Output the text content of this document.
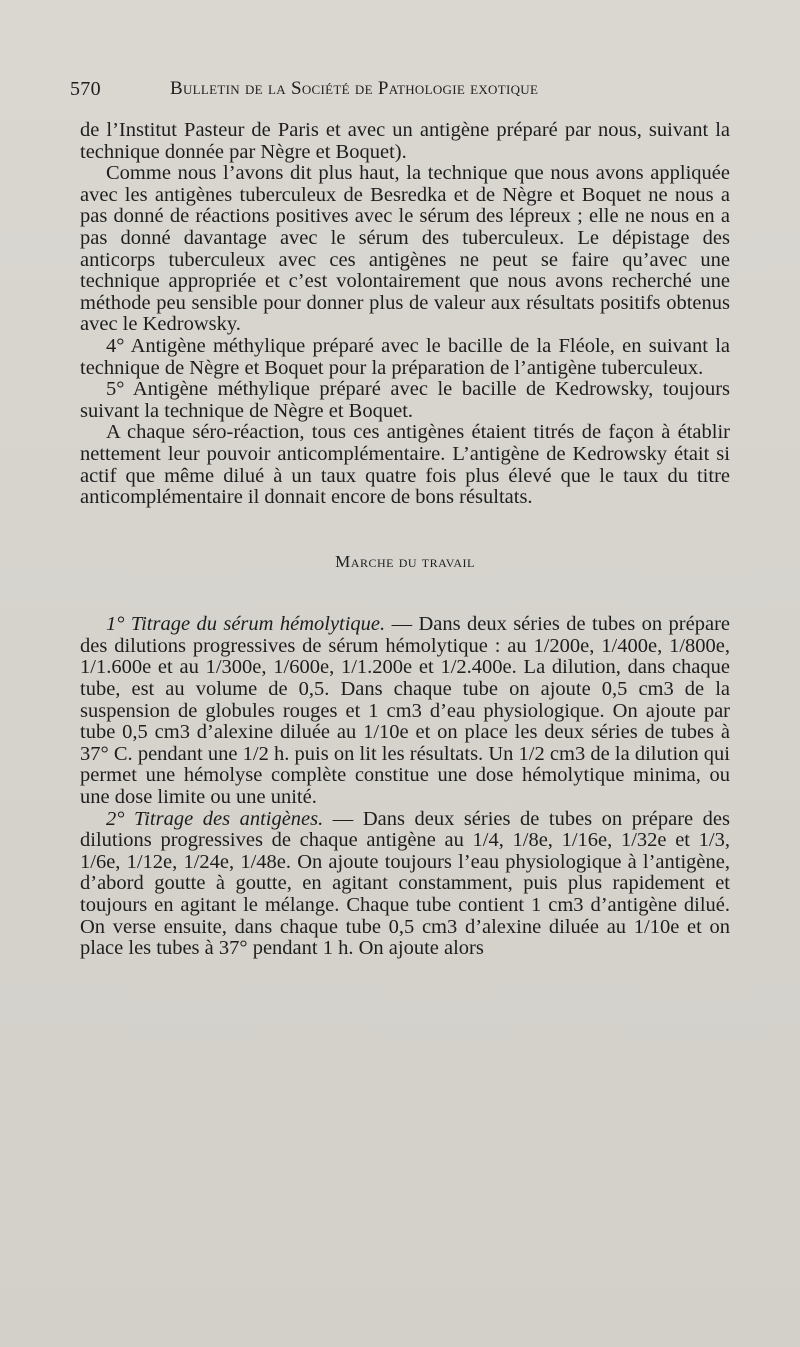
570	Bulletin de la Société de Pathologie exotique

de l’Institut Pasteur de Paris et avec un antigène préparé par nous, suivant la technique donnée par Nègre et Boquet).

Comme nous l’avons dit plus haut, la technique que nous avons appliquée avec les antigènes tuberculeux de Besredka et de Nègre et Boquet ne nous a pas donné de réactions positives avec le sérum des lépreux ; elle ne nous en a pas donné davantage avec le sérum des tuberculeux. Le dépistage des anticorps tuberculeux avec ces antigènes ne peut se faire qu’avec une technique appropriée et c’est volontairement que nous avons recherché une méthode peu sensible pour donner plus de valeur aux résultats positifs obtenus avec le Kedrowsky.

4° Antigène méthylique préparé avec le bacille de la Fléole, en suivant la technique de Nègre et Boquet pour la préparation de l’antigène tuberculeux.

5° Antigène méthylique préparé avec le bacille de Kedrowsky, toujours suivant la technique de Nègre et Boquet.

A chaque séro-réaction, tous ces antigènes étaient titrés de façon à établir nettement leur pouvoir anticomplémentaire. L’antigène de Kedrowsky était si actif que même dilué à un taux quatre fois plus élevé que le taux du titre anticomplémentaire il donnait encore de bons résultats.

Marche du travail

1° Titrage du sérum hémolytique. — Dans deux séries de tubes on prépare des dilutions progressives de sérum hémolytique : au 1/200e, 1/400e, 1/800e, 1/1.600e et au 1/300e, 1/600e, 1/1.200e et 1/2.400e. La dilution, dans chaque tube, est au volume de 0,5. Dans chaque tube on ajoute 0,5 cm3 de la suspension de globules rouges et 1 cm3 d’eau physiologique. On ajoute par tube 0,5 cm3 d’alexine diluée au 1/10e et on place les deux séries de tubes à 37° C. pendant une 1/2 h. puis on lit les résultats. Un 1/2 cm3 de la dilution qui permet une hémolyse complète constitue une dose hémolytique minima, ou une dose limite ou une unité.

2° Titrage des antigènes. — Dans deux séries de tubes on prépare des dilutions progressives de chaque antigène au 1/4, 1/8e, 1/16e, 1/32e et 1/3, 1/6e, 1/12e, 1/24e, 1/48e. On ajoute toujours l’eau physiologique à l’antigène, d’abord goutte à goutte, en agitant constamment, puis plus rapidement et toujours en agitant le mélange. Chaque tube contient 1 cm3 d’antigène dilué. On verse ensuite, dans chaque tube 0,5 cm3 d’alexine diluée au 1/10e et on place les tubes à 37° pendant 1 h. On ajoute alors
